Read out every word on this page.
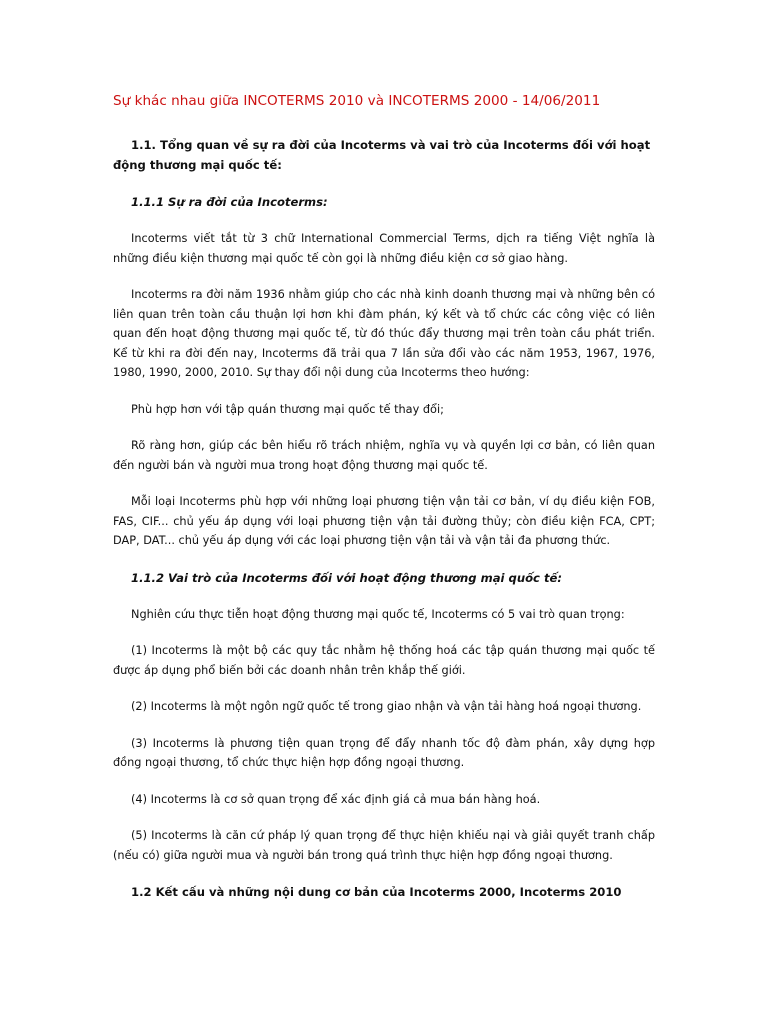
Sự khác nhau giữa INCOTERMS 2010 và INCOTERMS 2000 - 14/06/2011

1.1. Tổng quan về sự ra đời của Incoterms và vai trò của Incoterms đối với hoạt động thương mại quốc tế:

1.1.1 Sự ra đời của Incoterms:

Incoterms viết tắt từ 3 chữ International Commercial Terms, dịch ra tiếng Việt nghĩa là những điều kiện thương mại quốc tế còn gọi là những điều kiện cơ sở giao hàng.

Incoterms ra đời năm 1936 nhằm giúp cho các nhà kinh doanh thương mại và những bên có liên quan trên toàn cầu thuận lợi hơn khi đàm phán, ký kết và tổ chức các công việc có liên quan đến hoạt động thương mại quốc tế, từ đó thúc đẩy thương mại trên toàn cầu phát triển. Kể từ khi ra đời đến nay, Incoterms đã trải qua 7 lần sửa đổi vào các năm 1953, 1967, 1976, 1980, 1990, 2000, 2010. Sự thay đổi nội dung của Incoterms theo hướng:

Phù hợp hơn với tập quán thương mại quốc tế thay đổi;

Rõ ràng hơn, giúp các bên hiểu rõ trách nhiệm, nghĩa vụ và quyền lợi cơ bản, có liên quan đến người bán và người mua trong hoạt động thương mại quốc tế.

Mỗi loại Incoterms phù hợp với những loại phương tiện vận tải cơ bản, ví dụ điều kiện FOB, FAS, CIF... chủ yếu áp dụng với loại phương tiện vận tải đường thủy; còn điều kiện FCA, CPT; DAP, DAT... chủ yếu áp dụng với các loại phương tiện vận tải và vận tải đa phương thức.

1.1.2 Vai trò của Incoterms đối với hoạt động thương mại quốc tế:

Nghiên cứu thực tiễn hoạt động thương mại quốc tế, Incoterms có 5 vai trò quan trọng:

(1) Incoterms là một bộ các quy tắc nhằm hệ thống hoá các tập quán thương mại quốc tế được áp dụng phổ biến bởi các doanh nhân trên khắp thế giới.

(2) Incoterms là một ngôn ngữ quốc tế trong giao nhận và vận tải hàng hoá ngoại thương.

(3) Incoterms là phương tiện quan trọng để đẩy nhanh tốc độ đàm phán, xây dựng hợp đồng ngoại thương, tổ chức thực hiện hợp đồng ngoại thương.

(4) Incoterms là cơ sở quan trọng để xác định giá cả mua bán hàng hoá.

(5) Incoterms là căn cứ pháp lý quan trọng để thực hiện khiếu nại và giải quyết tranh chấp (nếu có) giữa người mua và người bán trong quá trình thực hiện hợp đồng ngoại thương.

1.2 Kết cấu và những nội dung cơ bản của Incoterms 2000, Incoterms 2010
